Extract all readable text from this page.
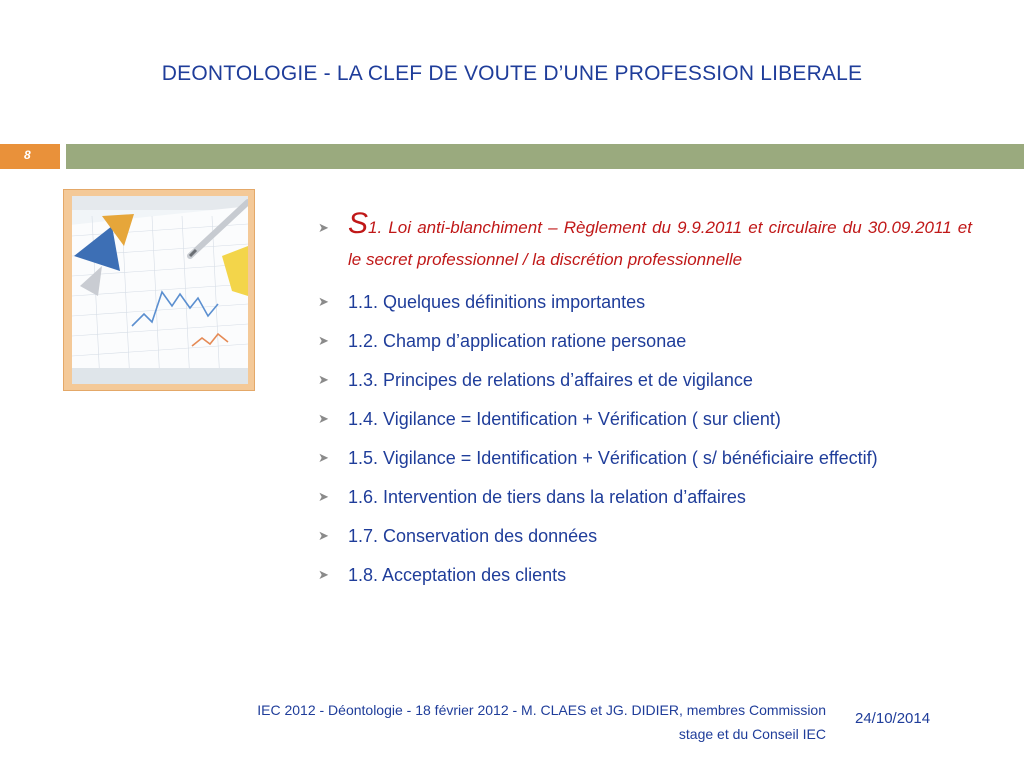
DEONTOLOGIE - LA CLEF DE VOUTE D’UNE PROFESSION LIBERALE
8
➤ S1. Loi anti-blanchiment – Règlement du 9.9.2011 et circulaire du 30.09.2011 et le secret professionnel / la discrétion professionnelle
➤ 1.1. Quelques définitions importantes
➤ 1.2. Champ d’application ratione personae
➤ 1.3. Principes de relations d’affaires et de vigilance
➤ 1.4. Vigilance = Identification + Vérification ( sur client)
➤ 1.5. Vigilance = Identification + Vérification ( s/ bénéficiaire effectif)
➤ 1.6. Intervention de tiers dans la relation d’affaires
➤ 1.7. Conservation des données
➤ 1.8. Acceptation des clients
IEC 2012 - Déontologie - 18 février 2012 - M. CLAES et JG. DIDIER, membres Commission
stage et du Conseil IEC
24/10/2014
